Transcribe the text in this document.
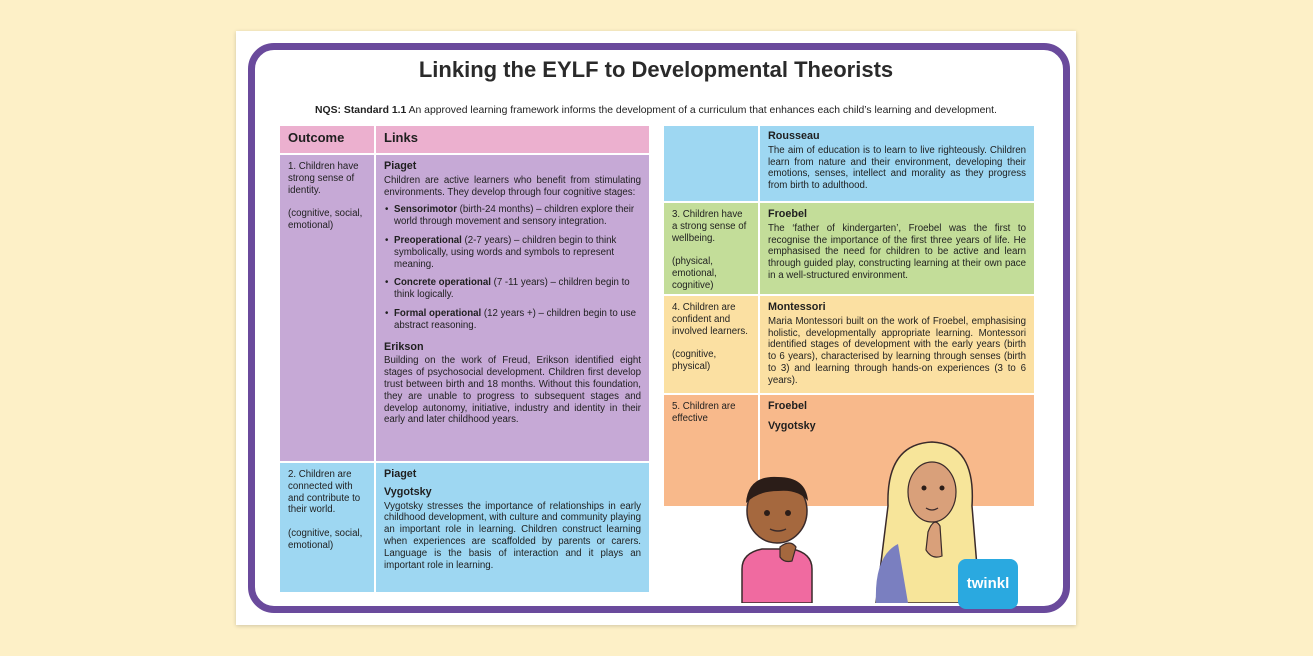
Linking the EYLF to Developmental Theorists
NQS: Standard 1.1 An approved learning framework informs the development of a curriculum that enhances each child’s learning and development.
Outcome	Links
1. Children have strong sense of identity.
(cognitive, social, emotional)
Piaget
Children are active learners who benefit from stimulating environments. They develop through four cognitive stages:
• Sensorimotor (birth-24 months) – children explore their world through movement and sensory integration.
• Preoperational (2-7 years) – children begin to think symbolically, using words and symbols to represent meaning.
• Concrete operational (7 -11 years) – children begin to think logically.
• Formal operational (12 years +) – children begin to use abstract reasoning.
Erikson
Building on the work of Freud, Erikson identified eight stages of psychosocial development. Children first develop trust between birth and 18 months. Without this foundation, they are unable to progress to subsequent stages and develop autonomy, initiative, industry and identity in their early and later childhood years.
2. Children are connected with and contribute to their world.
(cognitive, social, emotional)
Piaget
Vygotsky
Vygotsky stresses the importance of relationships in early childhood development, with culture and community playing an important role in learning. Children construct learning when experiences are scaffolded by parents or carers. Language is the basis of interaction and it plays an important role in learning.
Rousseau
The aim of education is to learn to live righteously. Children learn from nature and their environment, developing their emotions, senses, intellect and morality as they progress from birth to adulthood.
3. Children have a strong sense of wellbeing.
(physical, emotional, cognitive)
Froebel
The ‘father of kindergarten’, Froebel was the first to recognise the importance of the first three years of life. He emphasised the need for children to be active and learn through guided play, constructing learning at their own pace in a well-structured environment.
4. Children are confident and involved learners.
(cognitive, physical)
Montessori
Maria Montessori built on the work of Froebel, emphasising holistic, developmentally appropriate learning. Montessori identified stages of development with the early years (birth to 6 years), characterised by learning through senses (birth to 3) and learning through hands-on experiences (3 to 6 years).
5. Children are effective
Froebel
Vygotsky
twinkl
